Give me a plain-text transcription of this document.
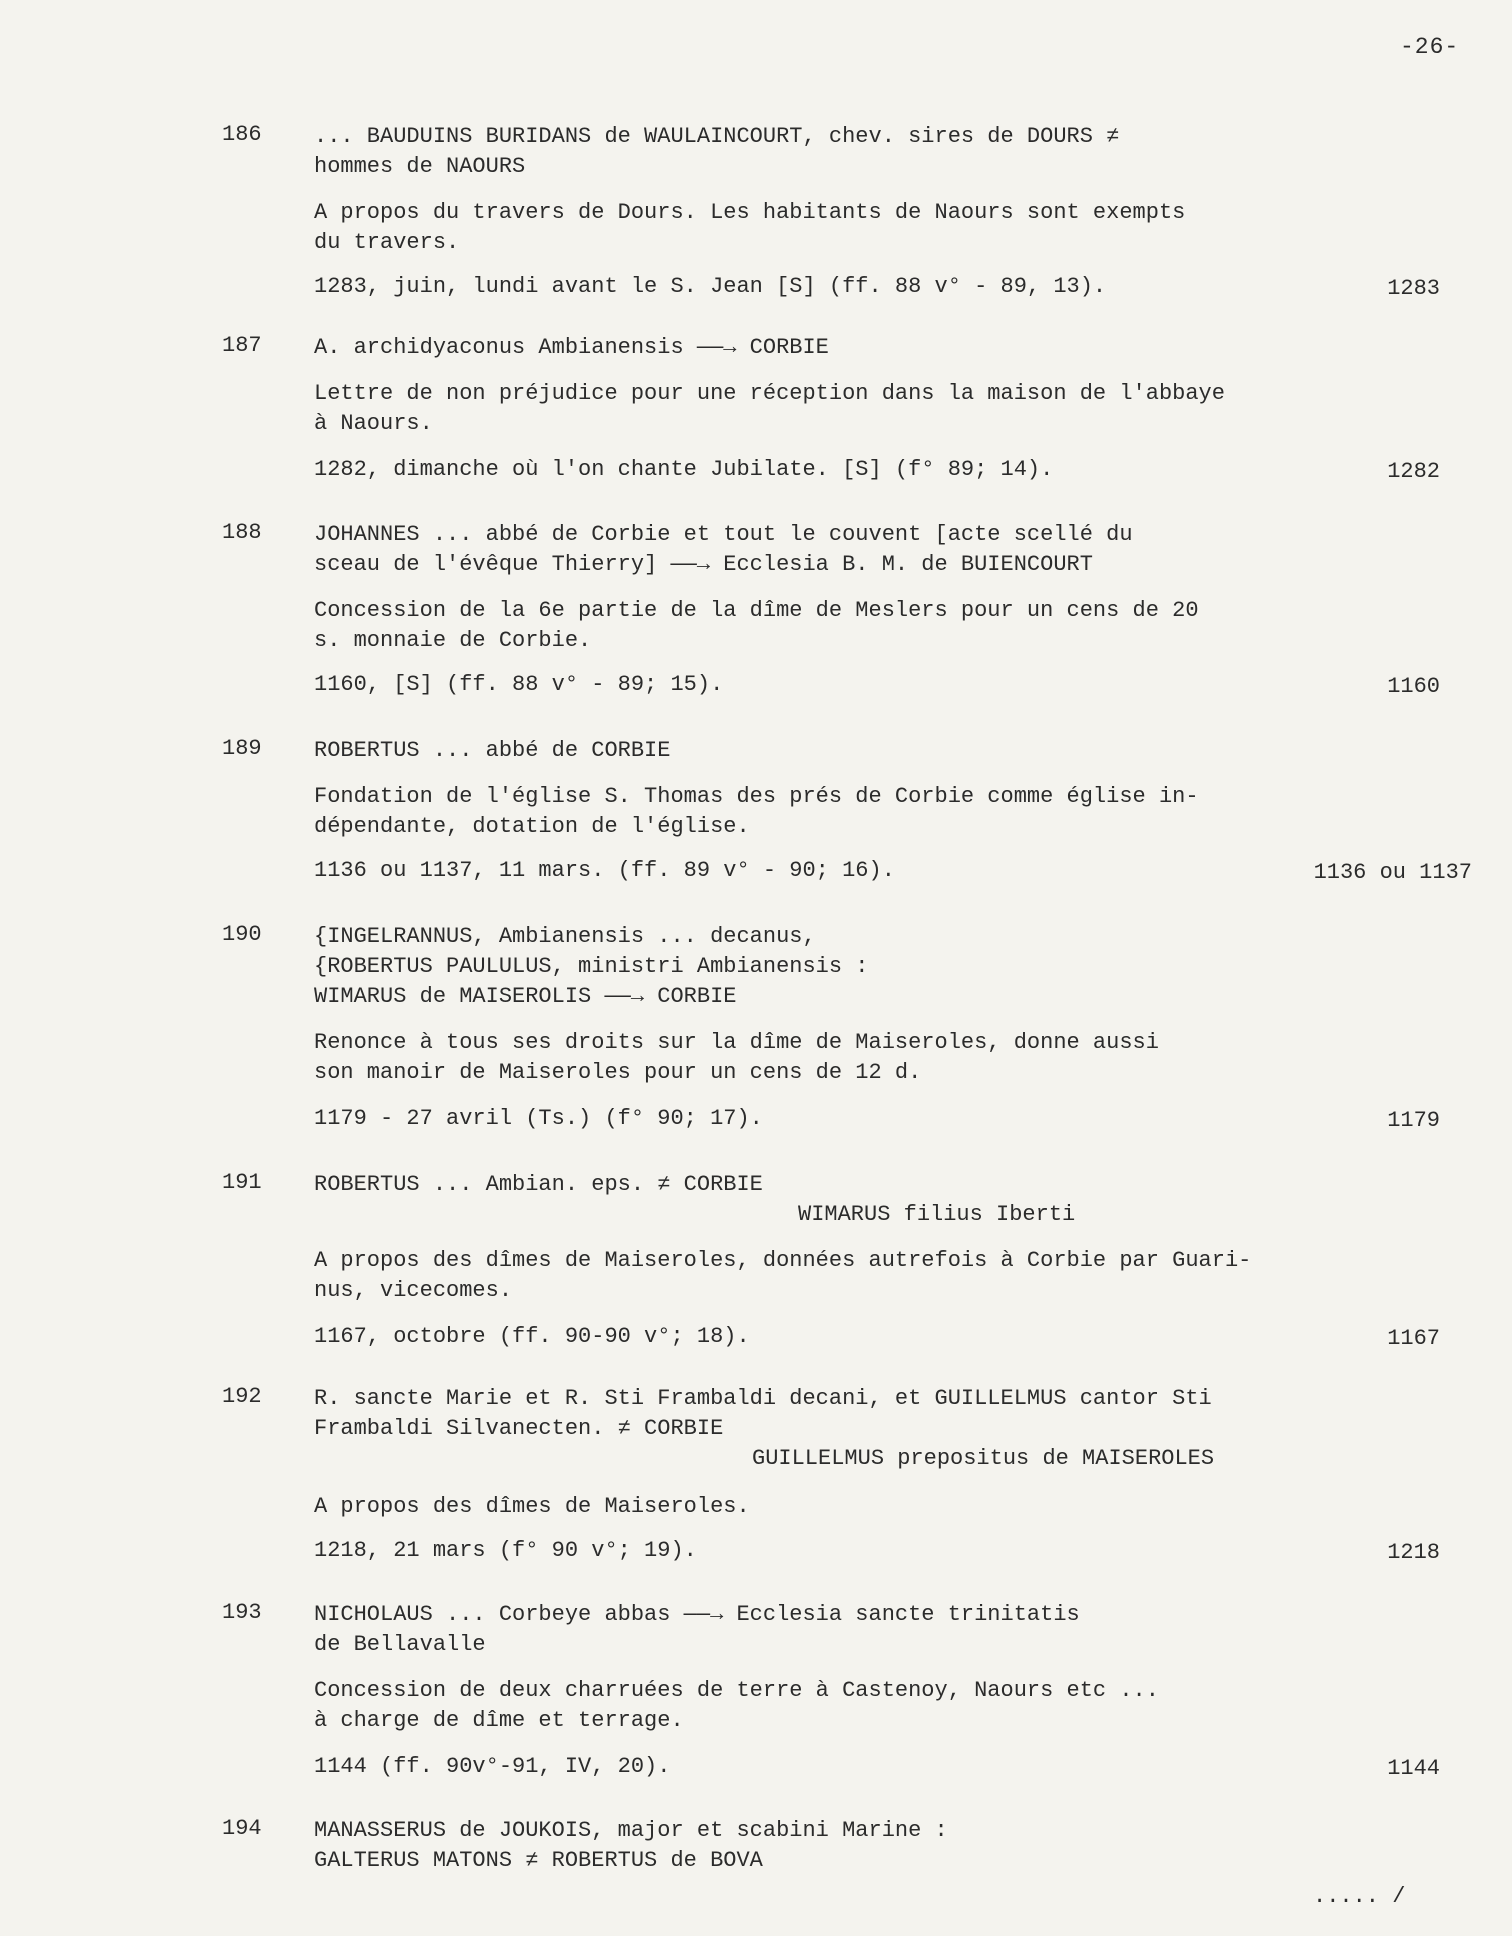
-26-
186 ... BAUDUINS BURIDANS de WAULAINCOURT, chev. sires de DOURS ≠
hommes de NAOURS
A propos du travers de Dours. Les habitants de Naours sont exempts
du travers.
1283, juin, lundi avant le S. Jean [S] (ff. 88 v° - 89, 13).	1283
187 A. archidyaconus Ambianensis ——→ CORBIE
Lettre de non préjudice pour une réception dans la maison de l'abbaye
à Naours.
1282, dimanche où l'on chante Jubilate. [S] (f° 89; 14).	1282
188 JOHANNES ... abbé de Corbie et tout le couvent [acte scellé du
sceau de l'évêque Thierry] ——→ Ecclesia B. M. de BUIENCOURT
Concession de la 6e partie de la dîme de Meslers pour un cens de 20
s. monnaie de Corbie.
1160, [S] (ff. 88 v° - 89; 15).	1160
189 ROBERTUS ... abbé de CORBIE
Fondation de l'église S. Thomas des prés de Corbie comme église in-
dépendante, dotation de l'église.
1136 ou 1137, 11 mars. (ff. 89 v° - 90; 16).	1136 ou 1137
190 {INGELRANNUS, Ambianensis ... decanus,
{ROBERTUS PAULULUS, ministri Ambianensis :
WIMARUS de MAISEROLIS ——→ CORBIE
Renonce à tous ses droits sur la dîme de Maiseroles, donne aussi
son manoir de Maiseroles pour un cens de 12 d.
1179 - 27 avril (Ts.) (f° 90; 17).	1179
191 ROBERTUS ... Ambian. eps. ≠ CORBIE
WIMARUS filius Iberti
A propos des dîmes de Maiseroles, données autrefois à Corbie par Guari-
nus, vicecomes.
1167, octobre (ff. 90-90 v°; 18).	1167
192 R. sancte Marie et R. Sti Frambaldi decani, et GUILLELMUS cantor Sti
Frambaldi Silvanecten. ≠ CORBIE
GUILLELMUS prepositus de MAISEROLES
A propos des dîmes de Maiseroles.
1218, 21 mars (f° 90 v°; 19).	1218
193 NICHOLAUS ... Corbeye abbas ——→ Ecclesia sancte trinitatis
de Bellavalle
Concession de deux charruées de terre à Castenoy, Naours etc ...
à charge de dîme et terrage.
1144 (ff. 90v°-91, IV, 20).	1144
194 MANASSERUS de JOUKOIS, major et scabini Marine :
GALTERUS MATONS ≠ ROBERTUS de BOVA
..... /
